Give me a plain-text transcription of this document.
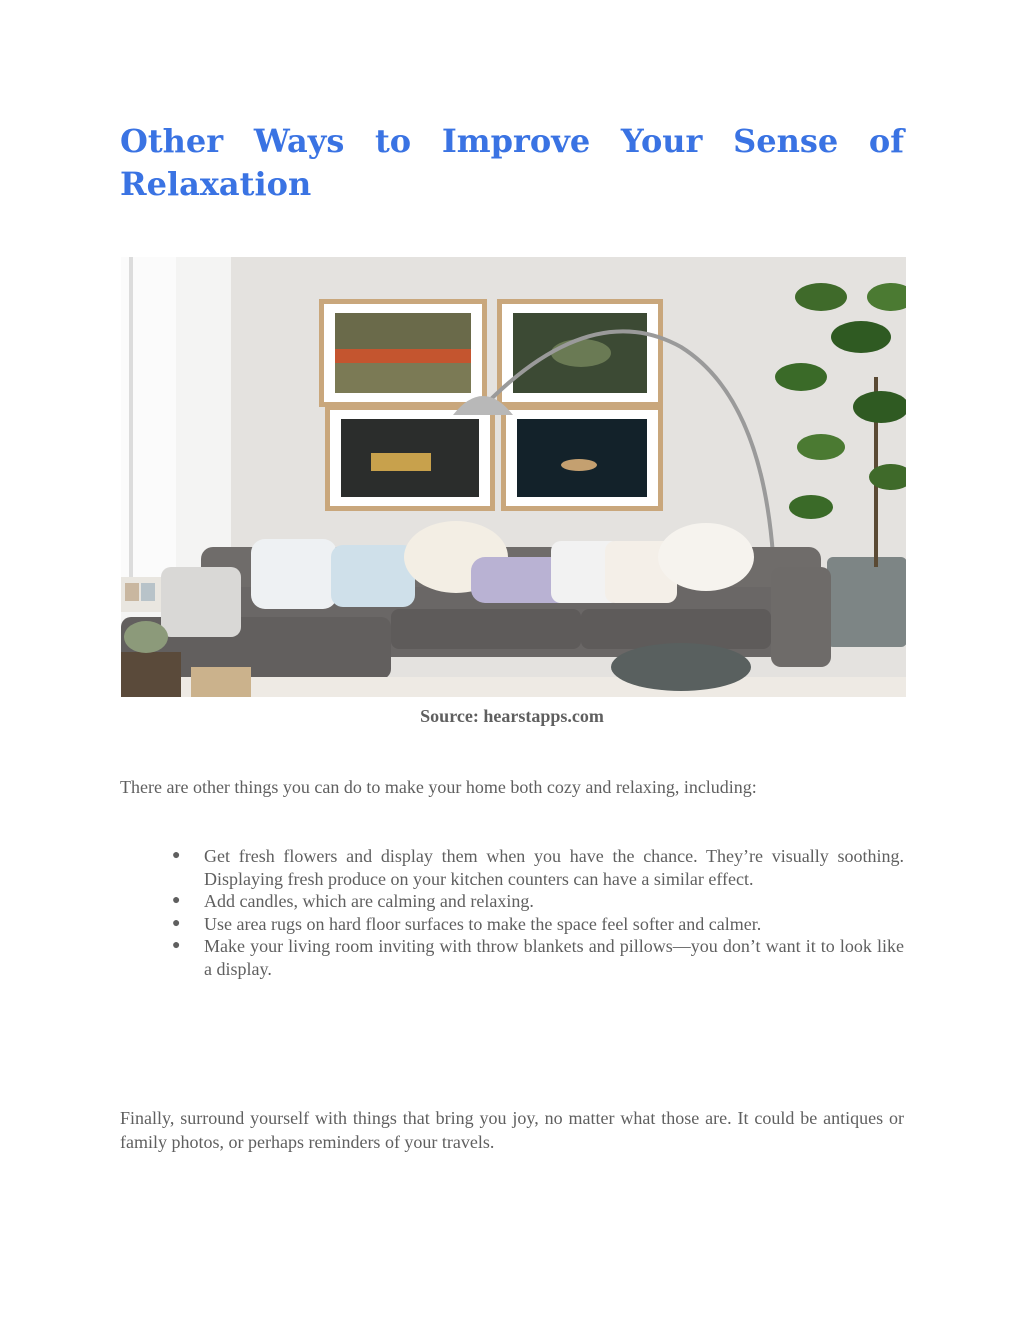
Other Ways to Improve Your Sense of
Relaxation
Source: hearstapps.com

There are other things you can do to make your home both cozy and relaxing, including:

● Get fresh flowers and display them when you have the chance. They’re visually soothing. Displaying fresh produce on your kitchen counters can have a similar effect.
● Add candles, which are calming and relaxing.
● Use area rugs on hard floor surfaces to make the space feel softer and calmer.
● Make your living room inviting with throw blankets and pillows—you don’t want it to look like a display.

Finally, surround yourself with things that bring you joy, no matter what those are. It could be antiques or family photos, or perhaps reminders of your travels.
